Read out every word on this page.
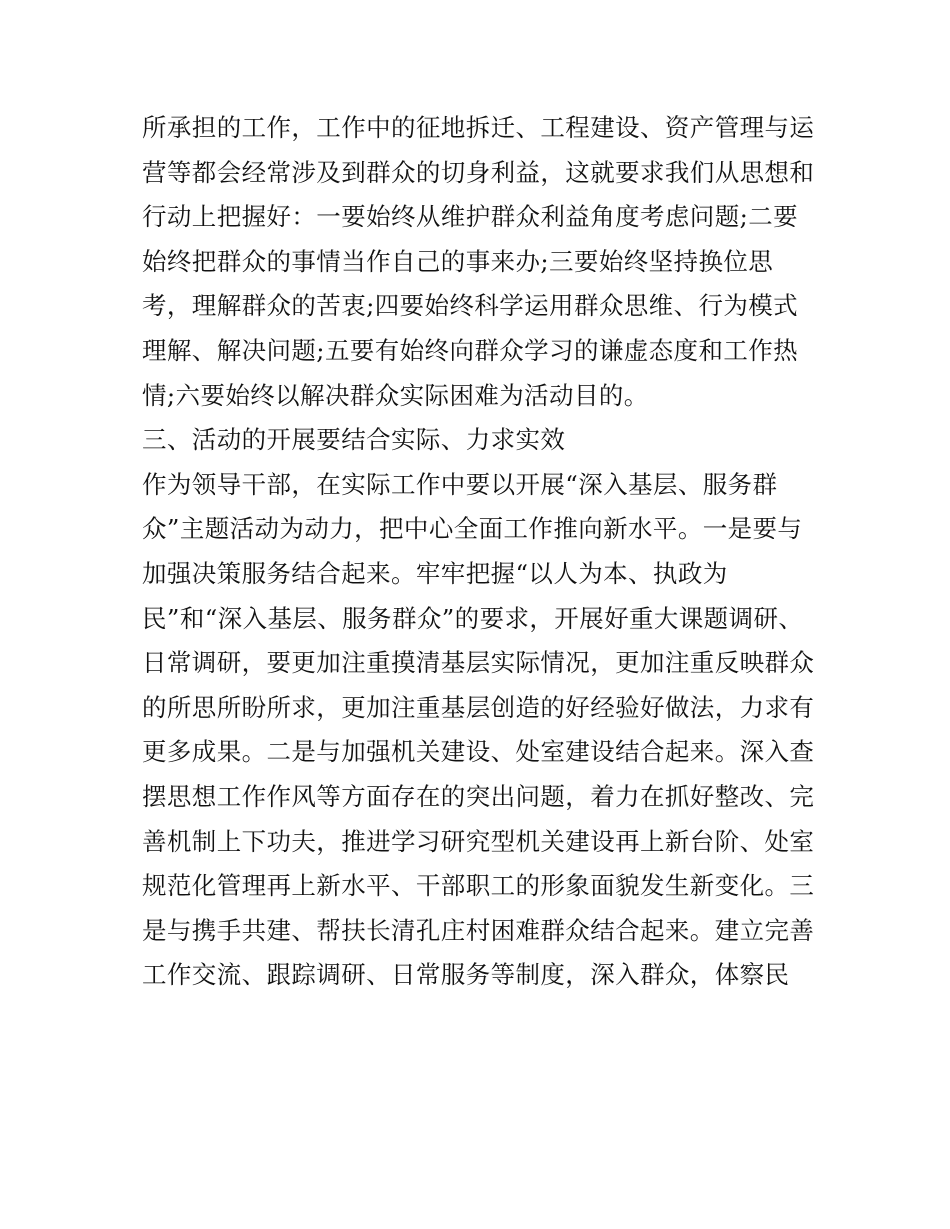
所承担的工作，工作中的征地拆迁、工程建设、资产管理与运
营等都会经常涉及到群众的切身利益，这就要求我们从思想和
行动上把握好：一要始终从维护群众利益角度考虑问题;二要
始终把群众的事情当作自己的事来办;三要始终坚持换位思
考，理解群众的苦衷;四要始终科学运用群众思维、行为模式
理解、解决问题;五要有始终向群众学习的谦虚态度和工作热
情;六要始终以解决群众实际困难为活动目的。
三、活动的开展要结合实际、力求实效
作为领导干部，在实际工作中要以开展“深入基层、服务群
众”主题活动为动力，把中心全面工作推向新水平。一是要与
加强决策服务结合起来。牢牢把握“以人为本、执政为
民”和“深入基层、服务群众”的要求，开展好重大课题调研、
日常调研，要更加注重摸清基层实际情况，更加注重反映群众
的所思所盼所求，更加注重基层创造的好经验好做法，力求有
更多成果。二是与加强机关建设、处室建设结合起来。深入查
摆思想工作作风等方面存在的突出问题，着力在抓好整改、完
善机制上下功夫，推进学习研究型机关建设再上新台阶、处室
规范化管理再上新水平、干部职工的形象面貌发生新变化。三
是与携手共建、帮扶长清孔庄村困难群众结合起来。建立完善
工作交流、跟踪调研、日常服务等制度，深入群众，体察民
